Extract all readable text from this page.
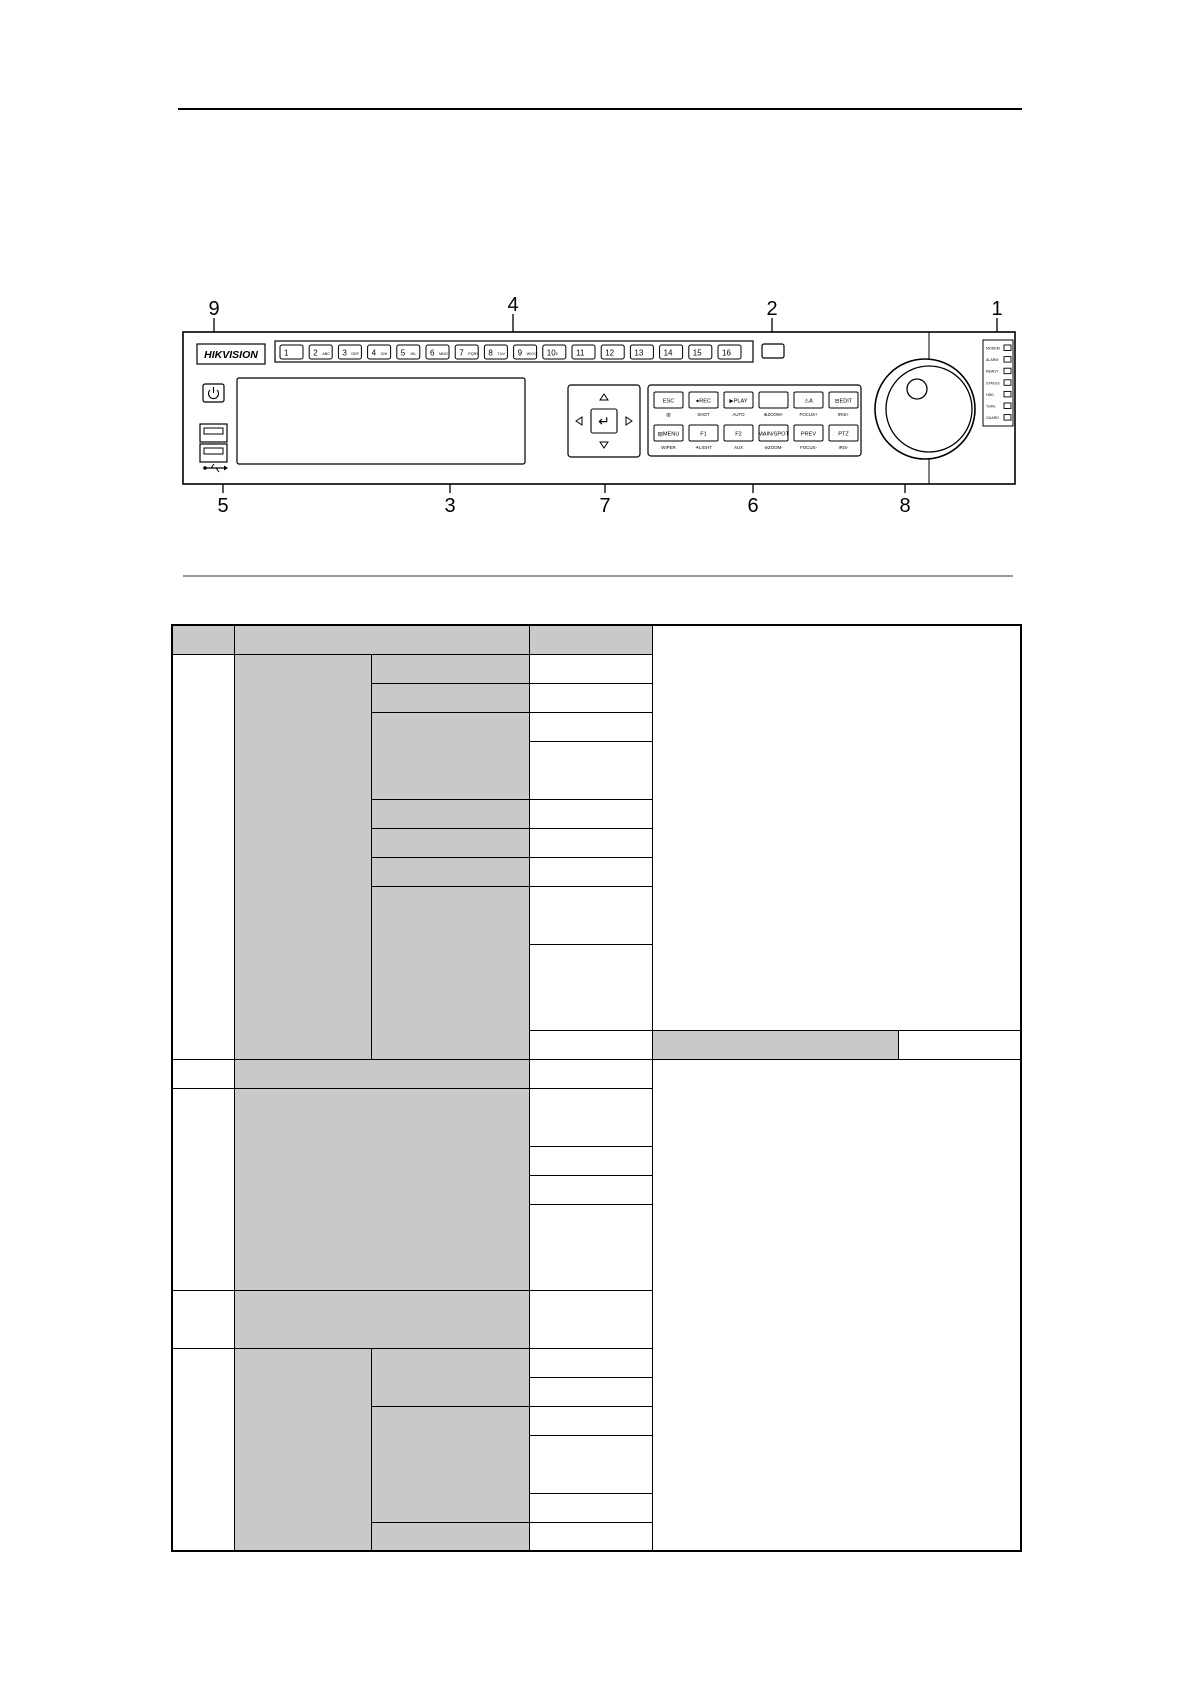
9	4	2	1
5	3	7	6	8
HIKVISION	1	2 ABC 3 DEF 4 GHI 5 JKL 6 MNO 7 PQRS 8 TUV 9 WXYZ 10 0 11	12	13	14	15	16
↵
ESC
▥
●REC
SHOT
▶PLAY
AUTO	⊕ZOOM+
⚠A
FOCUS+
⊟EDIT
IRIS+
▤MENU
WIPER
F1
☀LIGHT
F2
AUX
MAIN/SPOT
⊖ZOOM-
PREV
FOCUS-
PTZ
IRIS-
MODEM
ALARM
READY
STATUS
HDD
Tx/Rx
GUARD
